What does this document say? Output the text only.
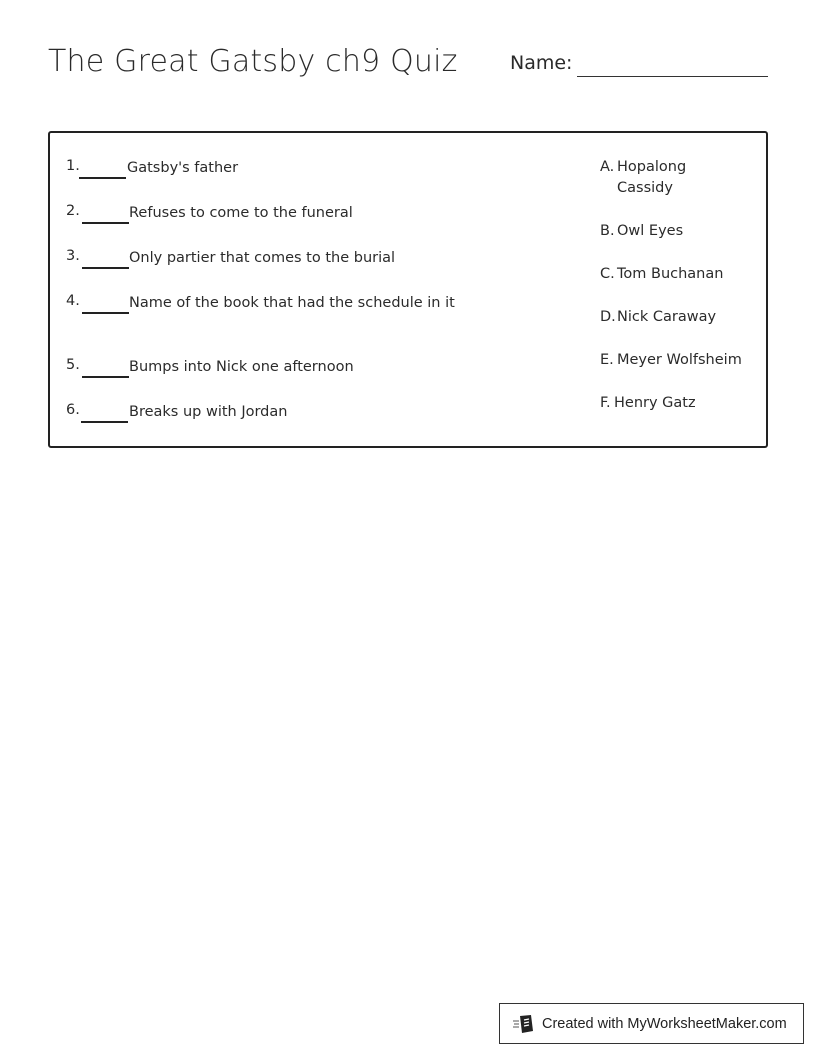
The Great Gatsby ch9 Quiz	Name:
1.	Gatsby's father
2.	Refuses to come to the funeral
3.	Only partier that comes to the burial
4.	Name of the book that had the schedule in it
5.	Bumps into Nick one afternoon
6.	Breaks up with Jordan
A. Hopalong Cassidy
B. Owl Eyes
C. Tom Buchanan
D.Nick Caraway
E. Meyer Wolfsheim
F. Henry Gatz
Created with MyWorksheetMaker.com
